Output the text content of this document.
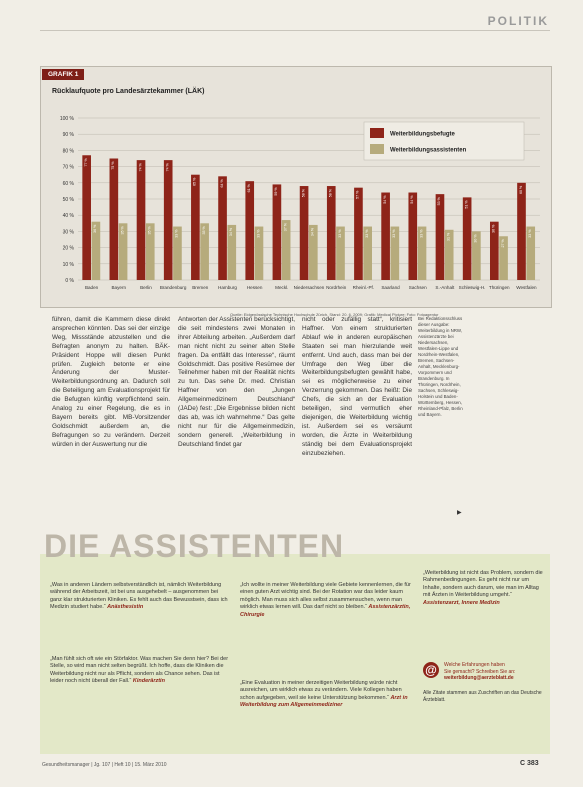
POLITIK
GRAFIK 1
Rücklaufquote pro Landesärztekammer (LÄK)
0 %
10 %
20 %
30 %
40 %
50 %
60 %
70 %
80 %
90 %
100 %
77 %
36 %
Baden
75 %
35 %
Bayern
74 %
35 %
Berlin
74 %
33 %
Brandenburg
65 %
35 %
Bremen
64 %
34 %
Hamburg
61 %
33 %
Hessen
59 %
37 %
Meckl.
58 %
34 %
Niedersachsen
58 %
33 %
Nordrhein
57 %
33 %
Rheinl.-Pf.
54 %
33 %
Saarland
54 %
33 %
Sachsen
53 %
31 %
S.-Anhalt
51 %
30 %
Schleswig-H.
36 %
27 %
Thüringen
60 %
33 %
Westfalen
Weiterbildungsbefugte
Weiterbildungsassistenten
Quelle: Eidgenössische Technische Hochschule Zürich, Stand: 20. 6. 2009; Grafik: Medical Picture; Foto: Fotoagentur
führen, damit die Kammern diese direkt ansprechen könnten. Das sei der einzige Weg, Missstände abzustellen und die Befragten anonym zu halten. BÄK-Präsident Hoppe will diesen Punkt prüfen. Zugleich betonte er eine Änderung der Muster-Weiterbildungsordnung an. Dadurch soll die Beteiligung am Evaluationsprojekt für die Befugten künftig verpflichtend sein. Analog zu einer Regelung, die es in Bayern bereits gibt. MB-Vorsitzender Goldschmidt außerdem an, die Befragungen so zu verändern. Derzeit würden in der Auswertung nur die
Antworten der Assistenten berücksichtigt, die seit mindestens zwei Monaten in ihrer Abteilung arbeiten. „Außerdem darf man nicht nicht zu seiner alten Stelle fragen. Da entfällt das Interesse“, räumt Goldschmidt. Das positive Resümee der Teilnehmer haben mit der Realität nichts zu tun. Das sehe Dr. med. Christian Haffner von den „Jungen Allgemeinmedizinern Deutschland“ (JADe) fest: „Die Ergebnisse bilden nicht das ab, was ich wahrnehme.“ Das gelte nicht nur für die Allgemeinmedizin, sondern generell. „Weiterbildung in Deutschland findet gar
nicht oder zufällig statt“, kritisiert Haffner. Von einem strukturierten Ablauf wie in anderen europäischen Staaten sei man hierzulande weit entfernt. Und auch, dass man bei der Umfrage den Weg über die Weiterbildungsbefugten gewählt habe, sei es möglicherweise zu einer Verzerrung gekommen. Das heißt: Die Chefs, die sich an der Evaluation beteiligen, sind vermutlich eher diejenigen, die Weiterbildung wichtig ist. Außerdem sei es versäumt worden, die Ärzte in Weiterbildung ständig bei dem Evaluationsprojekt einzubeziehen.
Bei Redaktionsschluss dieser Ausgabe: Weiterbildung in NRW, Assistenzärzte bei Niedersachsen, Westfalen-Lippe und Nordrhein-Westfalen, Bremen, Sachsen-Anhalt, Mecklenburg-Vorpommern und Brandenburg. In Thüringen, Nordrhein, Sachsen, Schleswig-Holstein und Baden-Württemberg, Hessen, Rheinland-Pfalz, Berlin und Bayern.
▶
DIE ASSISTENTEN
„Was in anderen Ländern selbstverständlich ist, nämlich Weiterbildung während der Arbeitszeit, ist bei uns ausgehebelt – ausgenommen bei ganz klar strukturierten Kliniken. Es fehlt auch das Bewusstsein, dass ich Medizin studiert habe.“ Anästhesistin
„Man fühlt sich oft wie ein Störfaktor. Was machen Sie denn hier? Bei der Stelle, so wird man nicht selten begrüßt. Ich hoffe, dass die Kliniken die Weiterbildung nicht nur als Pflicht, sondern als Chance sehen. Das ist leider noch nicht überall der Fall.“ Kinderärztin
„Ich wollte in meiner Weiterbildung viele Gebiete kennenlernen, die für einen guten Arzt wichtig sind. Bei der Rotation war das leider kaum möglich. Man muss sich alles selbst zusammensuchen, wenn man wirklich etwas lernen will. Das darf nicht so bleiben.“ Assistenzärztin, Chirurgie
„Eine Evaluation in meiner derzeitigen Weiterbildung würde nicht ausreichen, um wirklich etwas zu verändern. Viele Kollegen haben schon aufgegeben, weil sie keine Unterstützung bekommen.“ Arzt in Weiterbildung zum Allgemeinmediziner
„Weiterbildung ist nicht das Problem, sondern die Rahmenbedingungen. Es geht nicht nur um Inhalte, sondern auch darum, wie man im Alltag mit Ärzten in Weiterbildung umgeht.“ Assistenzarzt, Innere Medizin
@	Welche Erfahrungen haben
Sie gemacht? Schreiben Sie an:
weiterbildung@aerzteblatt.de
Alle Zitate stammen aus Zuschriften an das Deutsche Ärzteblatt.
Gesundheitsmanager | Jg. 107 | Heft 10 | 15. März 2010	C 383
